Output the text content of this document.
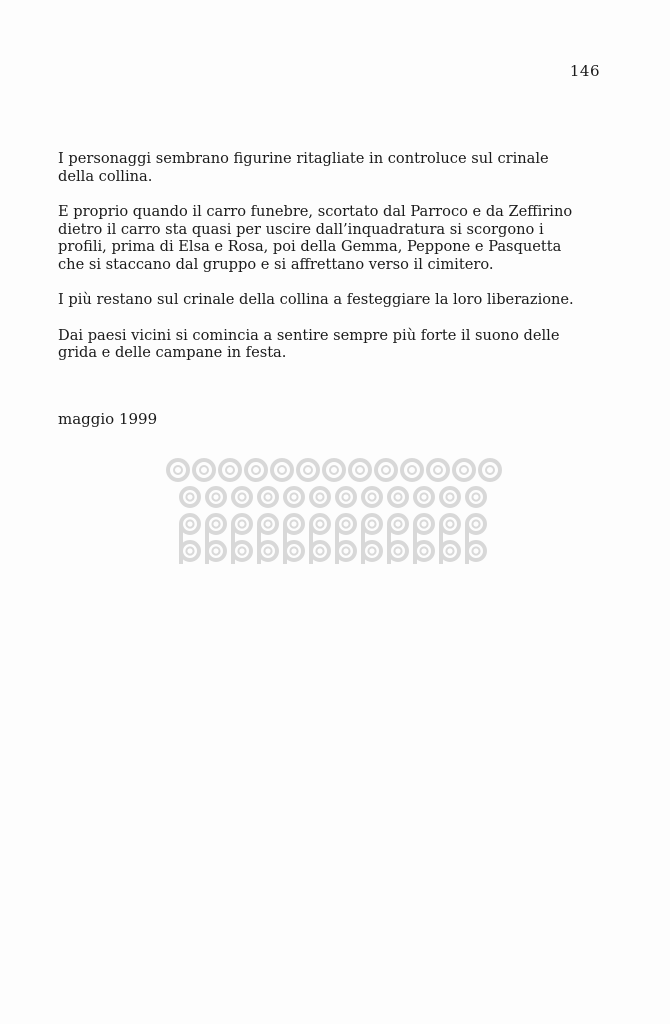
146

I personaggi sembrano figurine ritagliate in controluce sul crinale
della collina.

E proprio quando il carro funebre, scortato dal Parroco e da Zeffirino
dietro il carro sta quasi per uscire dall’inquadratura si scorgono i
profili, prima di Elsa e Rosa, poi della Gemma, Peppone e Pasquetta
che si staccano dal gruppo e si affrettano verso il cimitero.

I più restano sul crinale della collina a festeggiare la loro liberazione.

Dai paesi vicini si comincia a sentire sempre più forte il suono delle
grida e delle campane in festa.

maggio 1999
